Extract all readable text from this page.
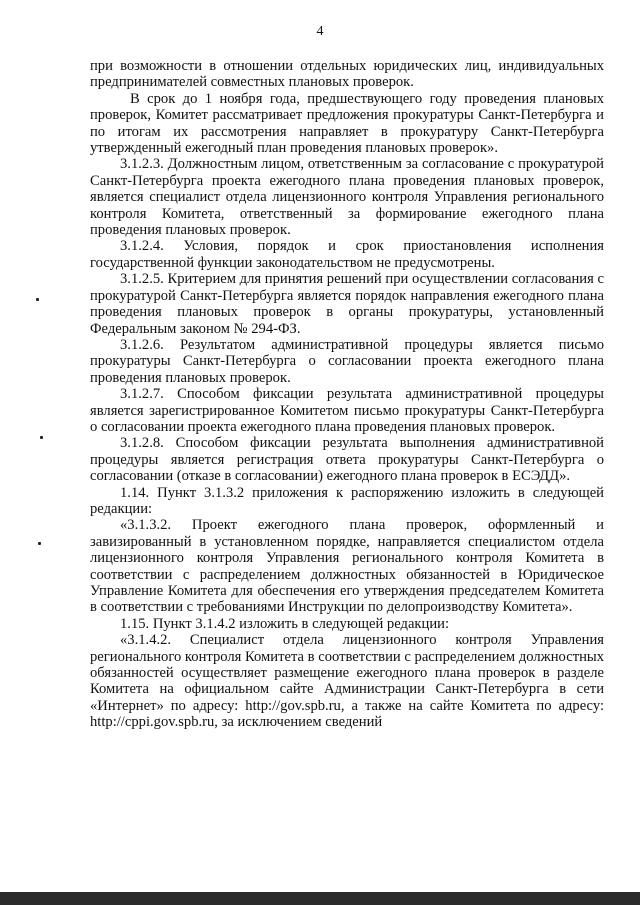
4

при возможности в отношении отдельных юридических лиц, индивидуальных предпринимателей совместных плановых проверок.

В срок до 1 ноября года, предшествующего году проведения плановых проверок, Комитет рассматривает предложения прокуратуры Санкт-Петербурга и по итогам их рассмотрения направляет в прокуратуру Санкт-Петербурга утвержденный ежегодный план проведения плановых проверок».

3.1.2.3. Должностным лицом, ответственным за согласование с прокуратурой Санкт-Петербурга проекта ежегодного плана проведения плановых проверок, является специалист отдела лицензионного контроля Управления регионального контроля Комитета, ответственный за формирование ежегодного плана проведения плановых проверок.

3.1.2.4. Условия, порядок и срок приостановления исполнения государственной функции законодательством не предусмотрены.

3.1.2.5. Критерием для принятия решений при осуществлении согласования с прокуратурой Санкт-Петербурга является порядок направления ежегодного плана проведения плановых проверок в органы прокуратуры, установленный Федеральным законом № 294-ФЗ.

3.1.2.6. Результатом административной процедуры является письмо прокуратуры Санкт-Петербурга о согласовании проекта ежегодного плана проведения плановых проверок.

3.1.2.7. Способом фиксации результата административной процедуры является зарегистрированное Комитетом письмо прокуратуры Санкт-Петербурга о согласовании проекта ежегодного плана проведения плановых проверок.

3.1.2.8. Способом фиксации результата выполнения административной процедуры является регистрация ответа прокуратуры Санкт-Петербурга о согласовании (отказе в согласовании) ежегодного плана проверок в ЕСЭДД».

1.14. Пункт 3.1.3.2 приложения к распоряжению изложить в следующей редакции:

«3.1.3.2. Проект ежегодного плана проверок, оформленный и завизированный в установленном порядке, направляется специалистом отдела лицензионного контроля Управления регионального контроля Комитета в соответствии с распределением должностных обязанностей в Юридическое Управление Комитета для обеспечения его утверждения председателем Комитета в соответствии с требованиями Инструкции по делопроизводству Комитета».

1.15. Пункт 3.1.4.2 изложить в следующей редакции:

«3.1.4.2. Специалист отдела лицензионного контроля Управления регионального контроля Комитета в соответствии с распределением должностных обязанностей осуществляет размещение ежегодного плана проверок в разделе Комитета на официальном сайте Администрации Санкт-Петербурга в сети «Интернет» по адресу: http://gov.spb.ru, а также на сайте Комитета по адресу: http://cppi.gov.spb.ru, за исключением сведений
